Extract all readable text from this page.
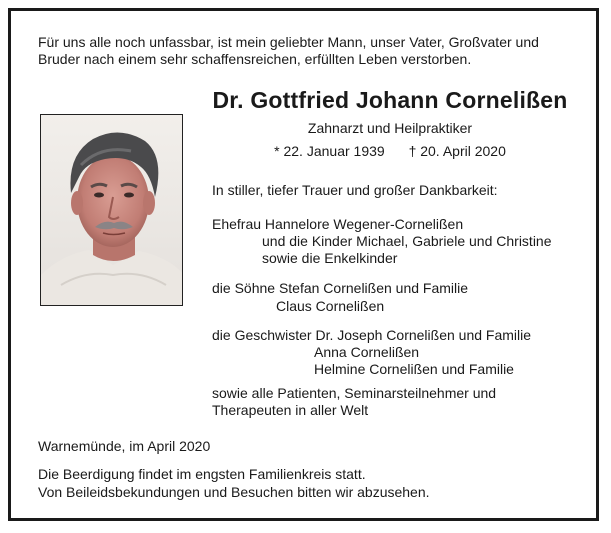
Für uns alle noch unfassbar, ist mein geliebter Mann, unser Vater, Großvater und
Bruder nach einem sehr schaffensreichen, erfüllten Leben verstorben.
Dr. Gottfried Johann Cornelißen
Zahnarzt und Heilpraktiker
* 22. Januar 1939 † 20. April 2020
In stiller, tiefer Trauer und großer Dankbarkeit:
Ehefrau Hannelore Wegener-Cornelißen
und die Kinder Michael, Gabriele und Christine
sowie die Enkelkinder
die Söhne Stefan Cornelißen und Familie
Claus Cornelißen
die Geschwister Dr. Joseph Cornelißen und Familie
Anna Cornelißen
Helmine Cornelißen und Familie
sowie alle Patienten, Seminarsteilnehmer und
Therapeuten in aller Welt
Warnemünde, im April 2020
Die Beerdigung findet im engsten Familienkreis statt.
Von Beileidsbekundungen und Besuchen bitten wir abzusehen.
